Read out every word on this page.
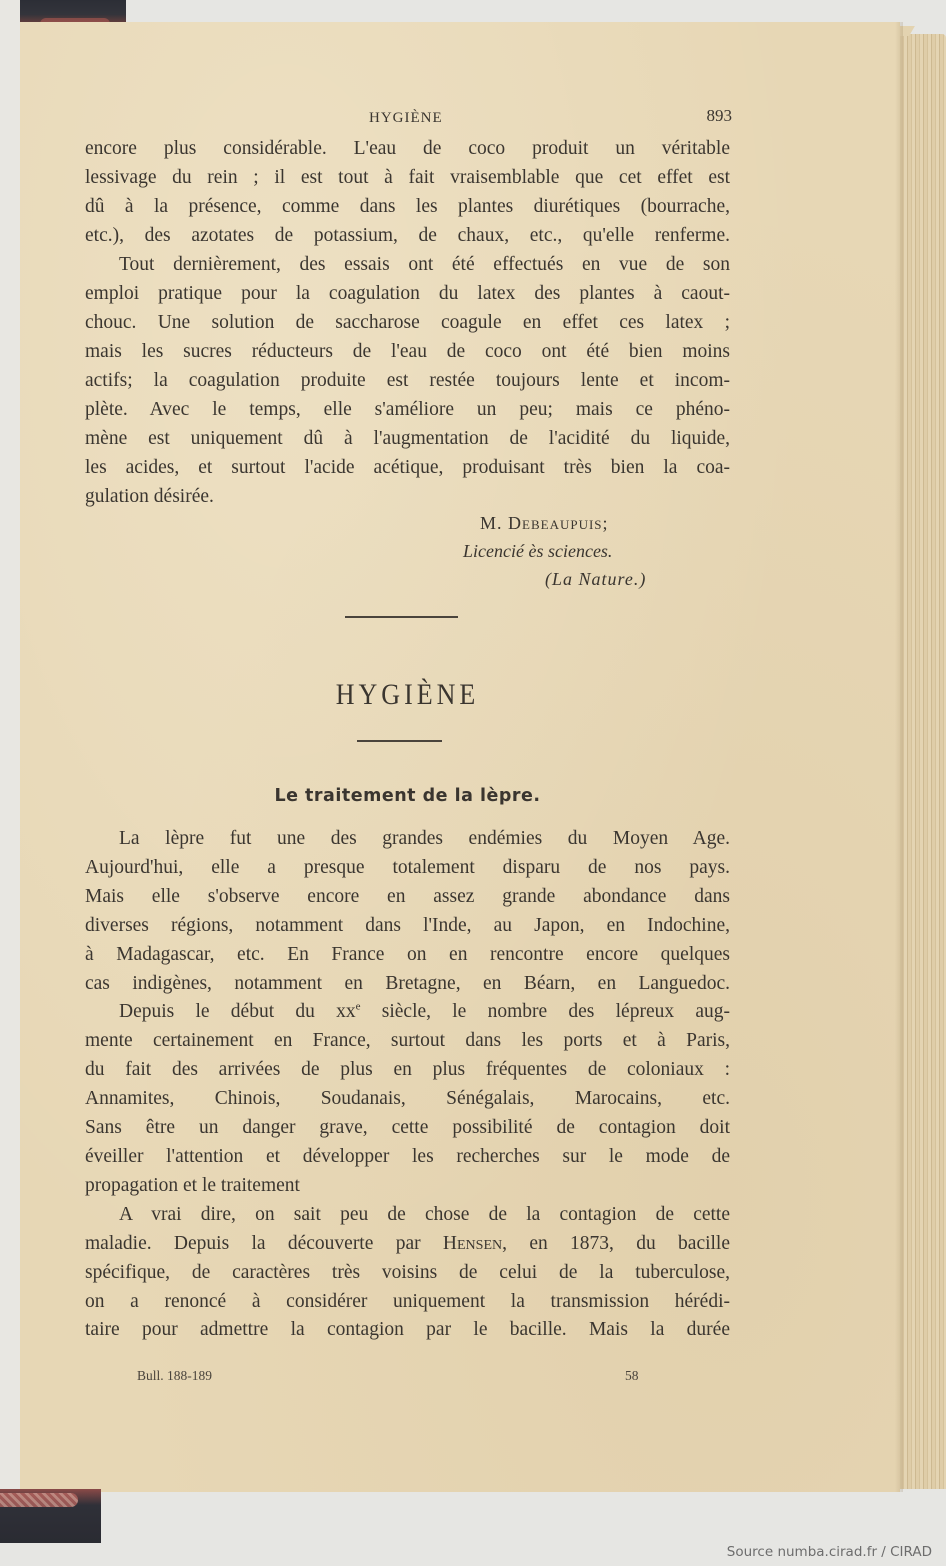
HYGIÈNE	893

encore plus considérable. L'eau de coco produit un véritable
lessivage du rein ; il est tout à fait vraisemblable que cet effet est
dû à la présence, comme dans les plantes diurétiques (bourrache,
etc.), des azotates de potassium, de chaux, etc., qu'elle renferme.

Tout dernièrement, des essais ont été effectués en vue de son
emploi pratique pour la coagulation du latex des plantes à caout-
chouc. Une solution de saccharose coagule en effet ces latex ;
mais les sucres réducteurs de l'eau de coco ont été bien moins
actifs; la coagulation produite est restée toujours lente et incom-
plète. Avec le temps, elle s'améliore un peu; mais ce phéno-
mène est uniquement dû à l'augmentation de l'acidité du liquide,
les acides, et surtout l'acide acétique, produisant très bien la coa-
gulation désirée.

M. Debeaupuis;
Licencié ès sciences.
(La Nature.)
HYGIÈNE
Le traitement de la lèpre.

La lèpre fut une des grandes endémies du Moyen Age.
Aujourd'hui, elle a presque totalement disparu de nos pays.
Mais elle s'observe encore en assez grande abondance dans
diverses régions, notamment dans l'Inde, au Japon, en Indochine,
à Madagascar, etc. En France on en rencontre encore quelques
cas indigènes, notamment en Bretagne, en Béarn, en Languedoc.

Depuis le début du $xx^e$ siècle, le nombre des lépreux aug-
mente certainement en France, surtout dans les ports et à Paris,
du fait des arrivées de plus en plus fréquentes de coloniaux :
Annamites, Chinois, Soudanais, Sénégalais, Marocains, etc.
Sans être un danger grave, cette possibilité de contagion doit
éveiller l'attention et développer les recherches sur le mode de
propagation et le traitement

A vrai dire, on sait peu de chose de la contagion de cette
maladie. Depuis la découverte par Hensen, en 1873, du bacille
spécifique, de caractères très voisins de celui de la tuberculose,
on a renoncé à considérer uniquement la transmission hérédi-
taire pour admettre la contagion par le bacille. Mais la durée

Bull. 188-189	58
Source numba.cirad.fr / CIRAD
